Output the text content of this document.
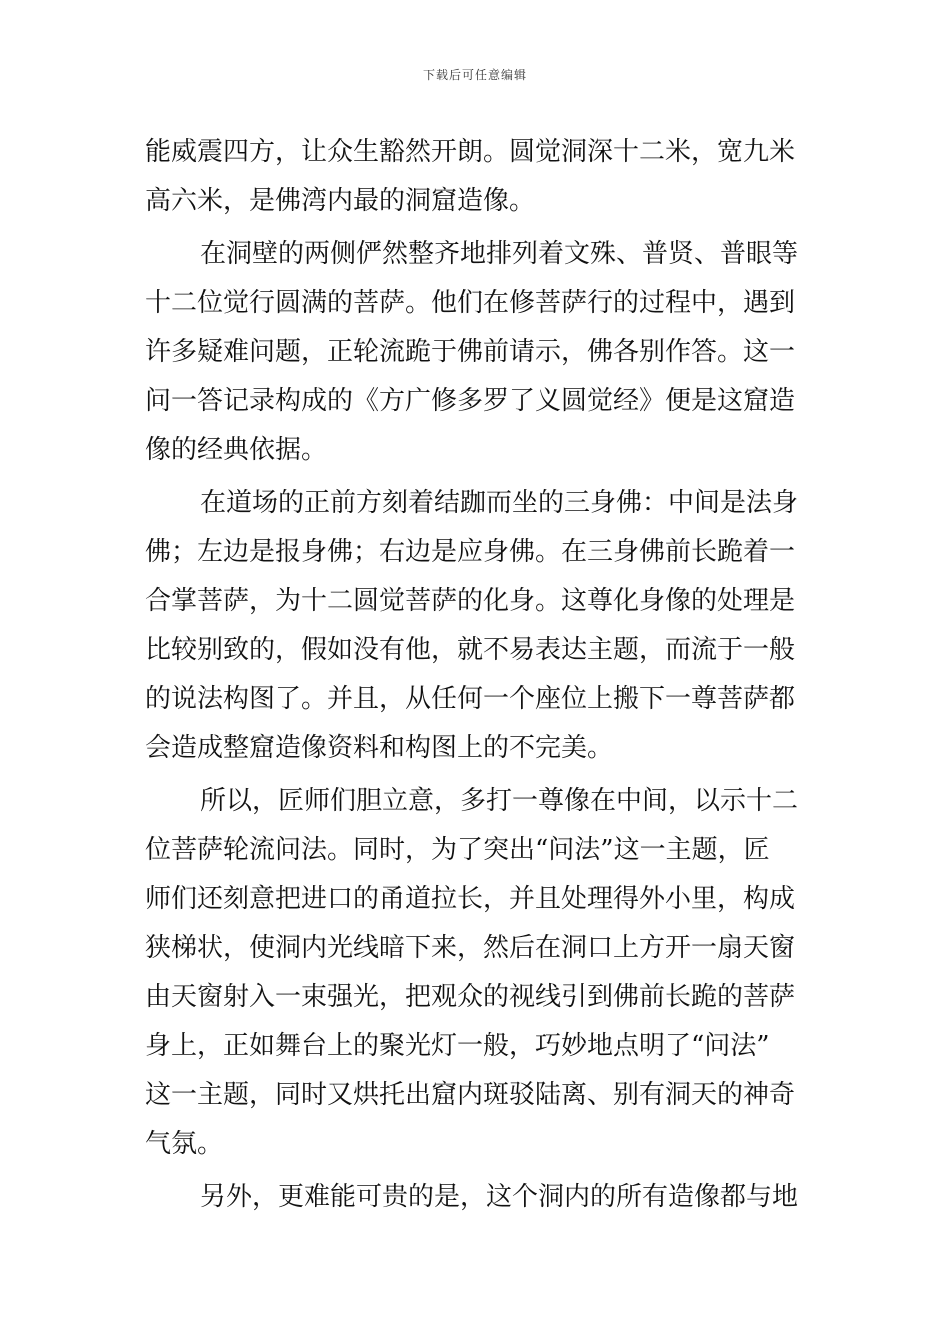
下载后可任意编辑
能威震四方，让众生豁然开朗。圆觉洞深十二米，宽九米
高六米，是佛湾内最的洞窟造像。
在洞壁的两侧俨然整齐地排列着文殊、普贤、普眼等
十二位觉行圆满的菩萨。他们在修菩萨行的过程中，遇到
许多疑难问题，正轮流跪于佛前请示，佛各别作答。这一
问一答记录构成的《方广修多罗了义圆觉经》便是这窟造
像的经典依据。
在道场的正前方刻着结跏而坐的三身佛：中间是法身
佛；左边是报身佛；右边是应身佛。在三身佛前长跪着一
合掌菩萨，为十二圆觉菩萨的化身。这尊化身像的处理是
比较别致的，假如没有他，就不易表达主题，而流于一般
的说法构图了。并且，从任何一个座位上搬下一尊菩萨都
会造成整窟造像资料和构图上的不完美。
所以，匠师们胆立意，多打一尊像在中间，以示十二
位菩萨轮流问法。同时，为了突出“问法”这一主题，匠
师们还刻意把进口的甬道拉长，并且处理得外小里，构成
狭梯状，使洞内光线暗下来，然后在洞口上方开一扇天窗
由天窗射入一束强光，把观众的视线引到佛前长跪的菩萨
身上，正如舞台上的聚光灯一般，巧妙地点明了“问法”
这一主题，同时又烘托出窟内斑驳陆离、别有洞天的神奇
气氛。
另外，更难能可贵的是，这个洞内的所有造像都与地
